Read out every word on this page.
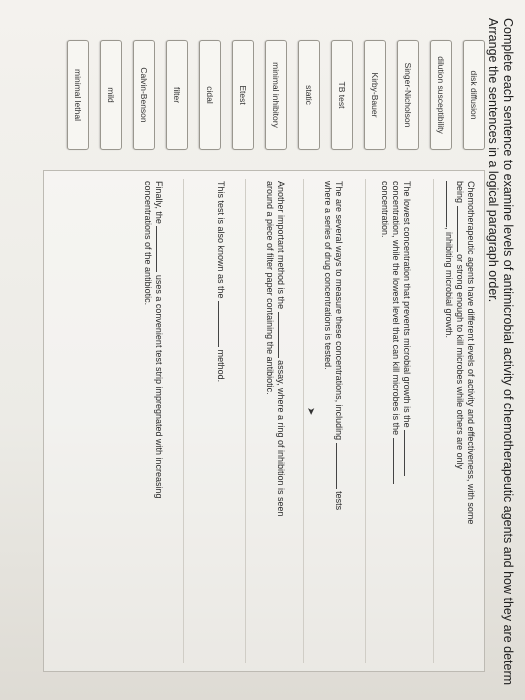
Complete each sentence to examine levels of antimicrobial activity of chemotherapeutic agents and how they are determ
Arrange the sentences in a logical paragraph order.
disk diffusion
dilution susceptibility
Singer-Nicholson
Kirby-Bauer
TB test
static
minimal inhibitory
Etest
cidal
filter
Calvin-Benson
mild
minimal lethal

Chemotherapeutic agents have different levels of activity and effectiveness, with some

being  or strong enough to kill microbes while others are only

, inhibiting microbial growth.

The lowest concentration that prevents microbial growth is the

concentration, while the lowest level that can kill microbes is the

concentration.

The are several ways to measure these concentrations, including  tests

where a series of drug concentrations is tested.

➤

Another important method is the  assay, where a ring of inhibition is seen

around a piece of filter paper containing the antibiotic.

This test is also known as the  method.

Finally, the  uses a convenient test strip impregnated with increasing

concentrations of the antibiotic.
